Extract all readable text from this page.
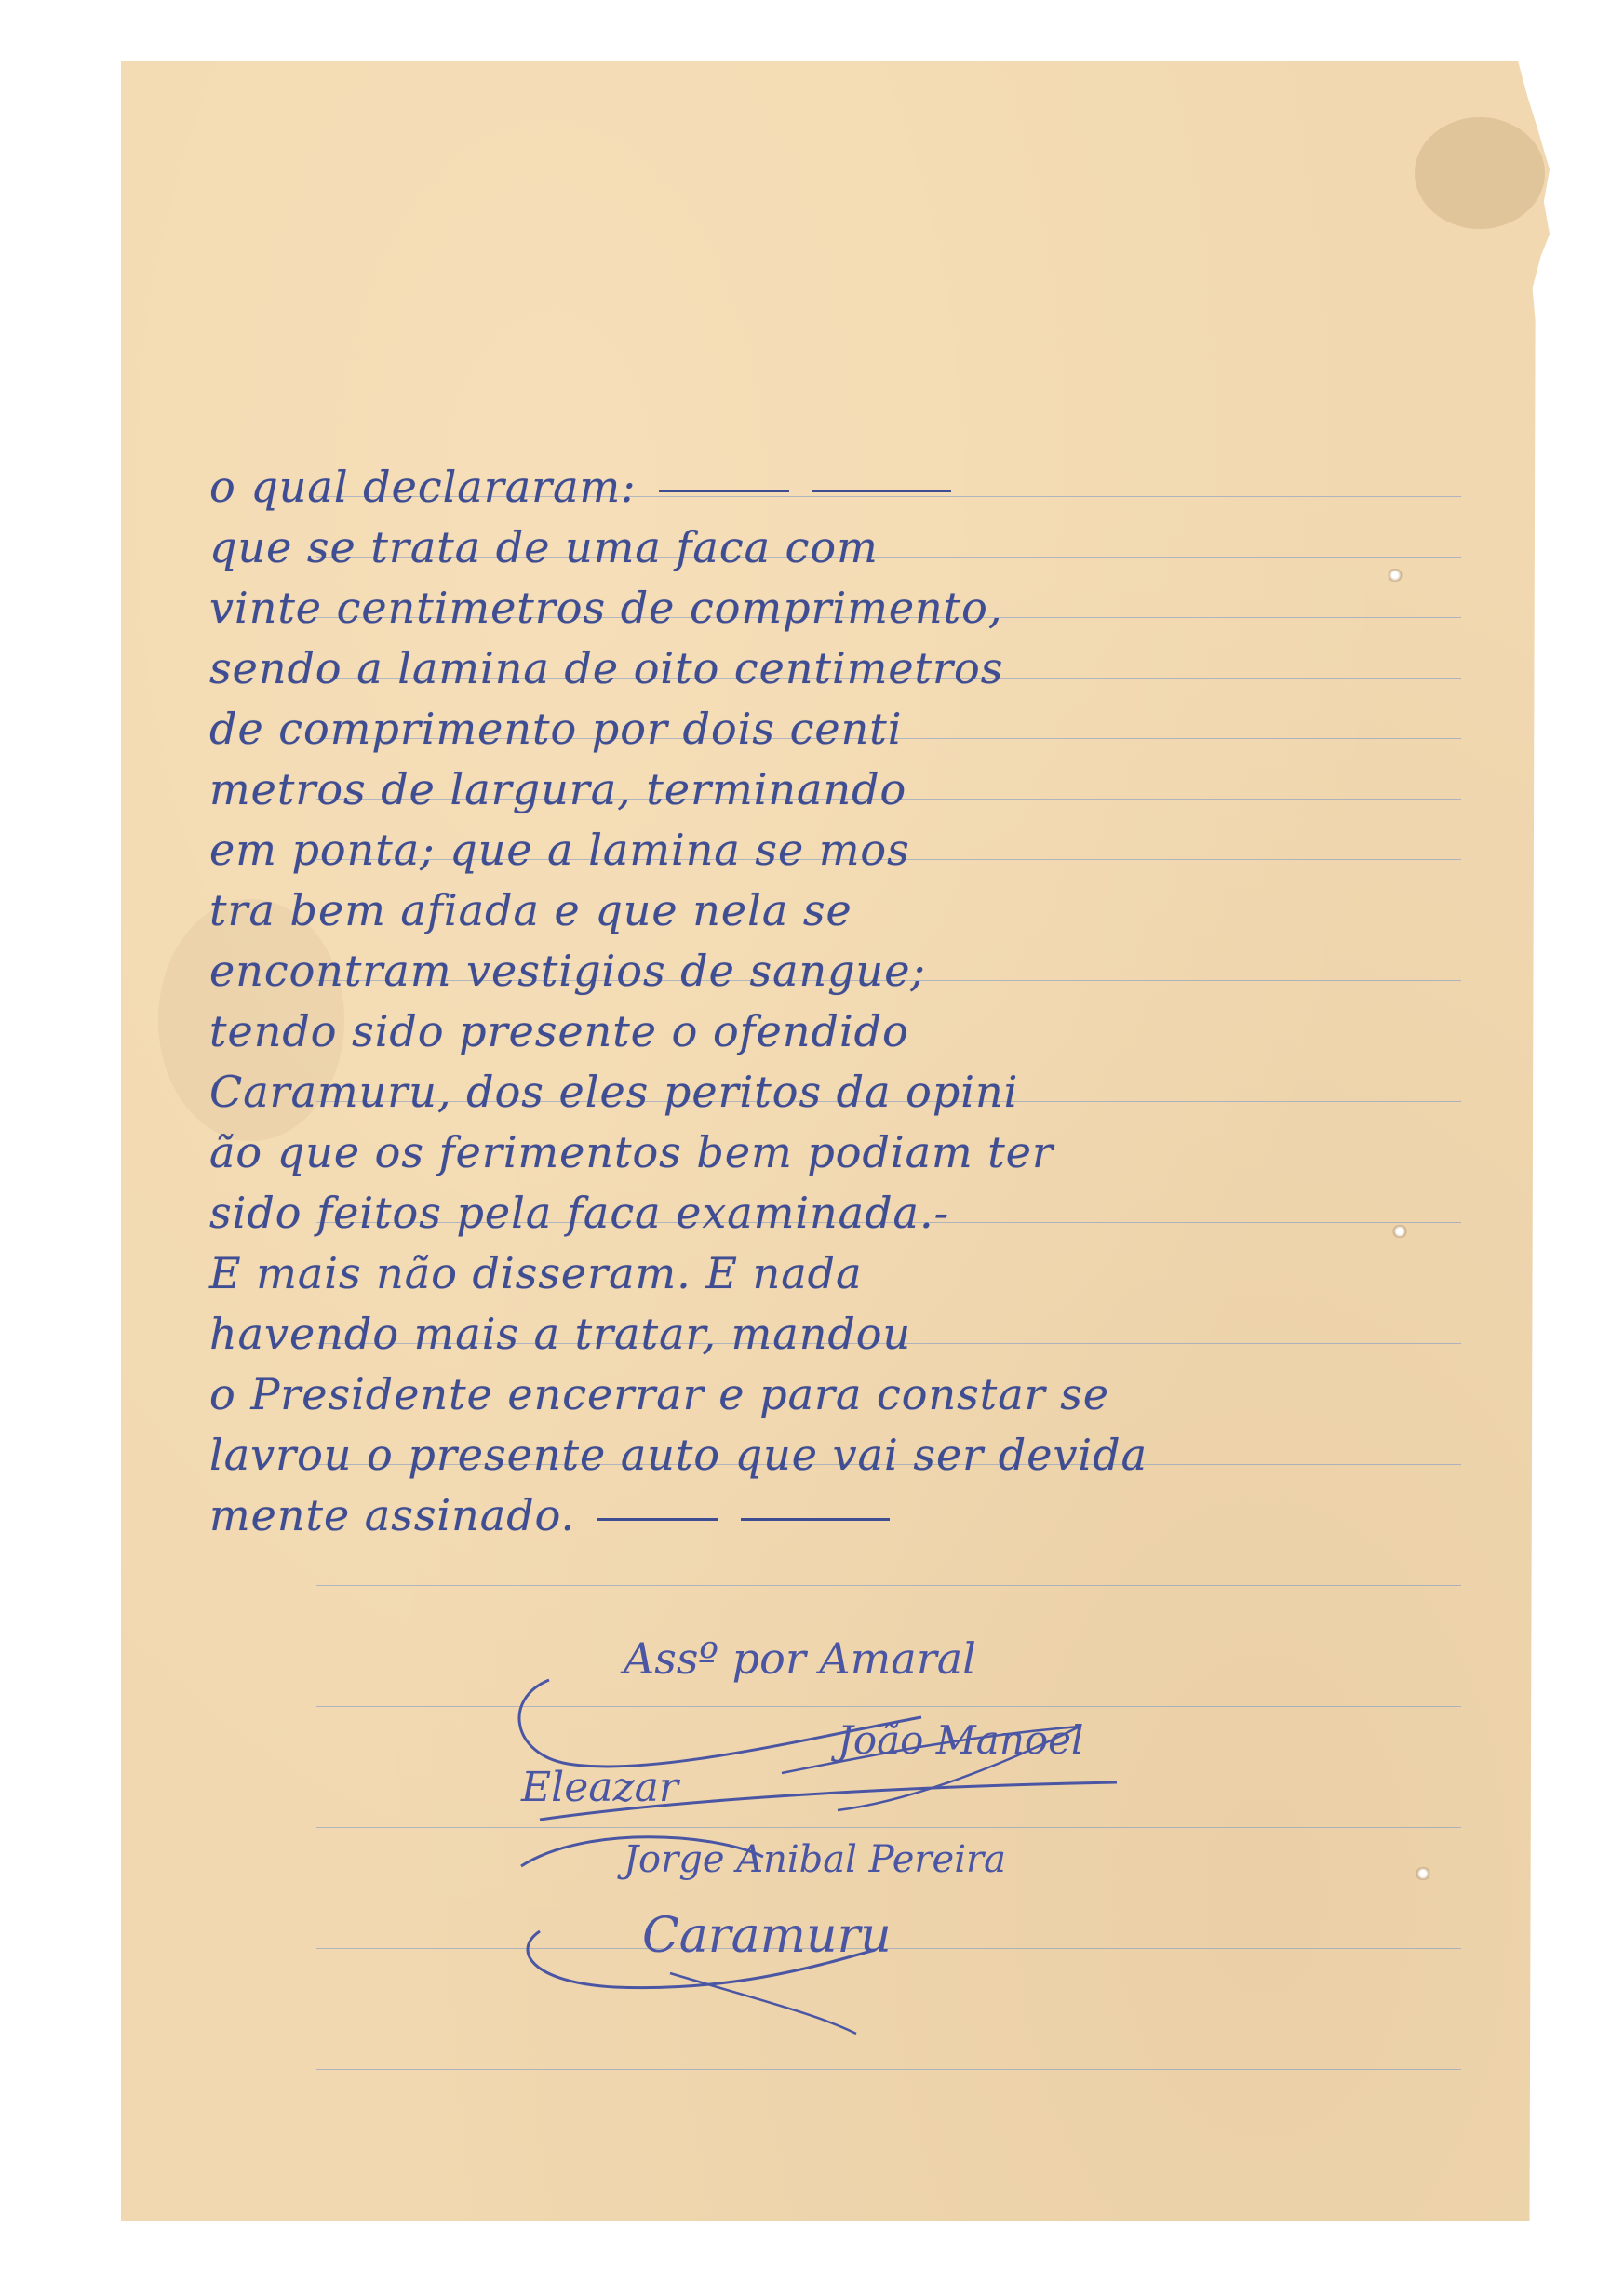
o qual declararam:
que se trata de uma faca com
vinte centimetros de comprimento,
sendo a lamina de oito centimetros
de comprimento por dois centi
metros de largura, terminando
em ponta; que a lamina se mos
tra bem afiada e que nela se
encontram vestigios de sangue;
tendo sido presente o ofendido
Caramuru, dos eles peritos da opini
ão que os ferimentos bem podiam ter
sido feitos pela faca examinada.-
E mais não disseram. E nada
havendo mais a tratar, mandou
o Presidente encerrar e para constar se
lavrou o presente auto que vai ser devida
mente assinado.
Assº por Amaral
João Manoel
Eleazar
Jorge Anibal Pereira
Caramuru
